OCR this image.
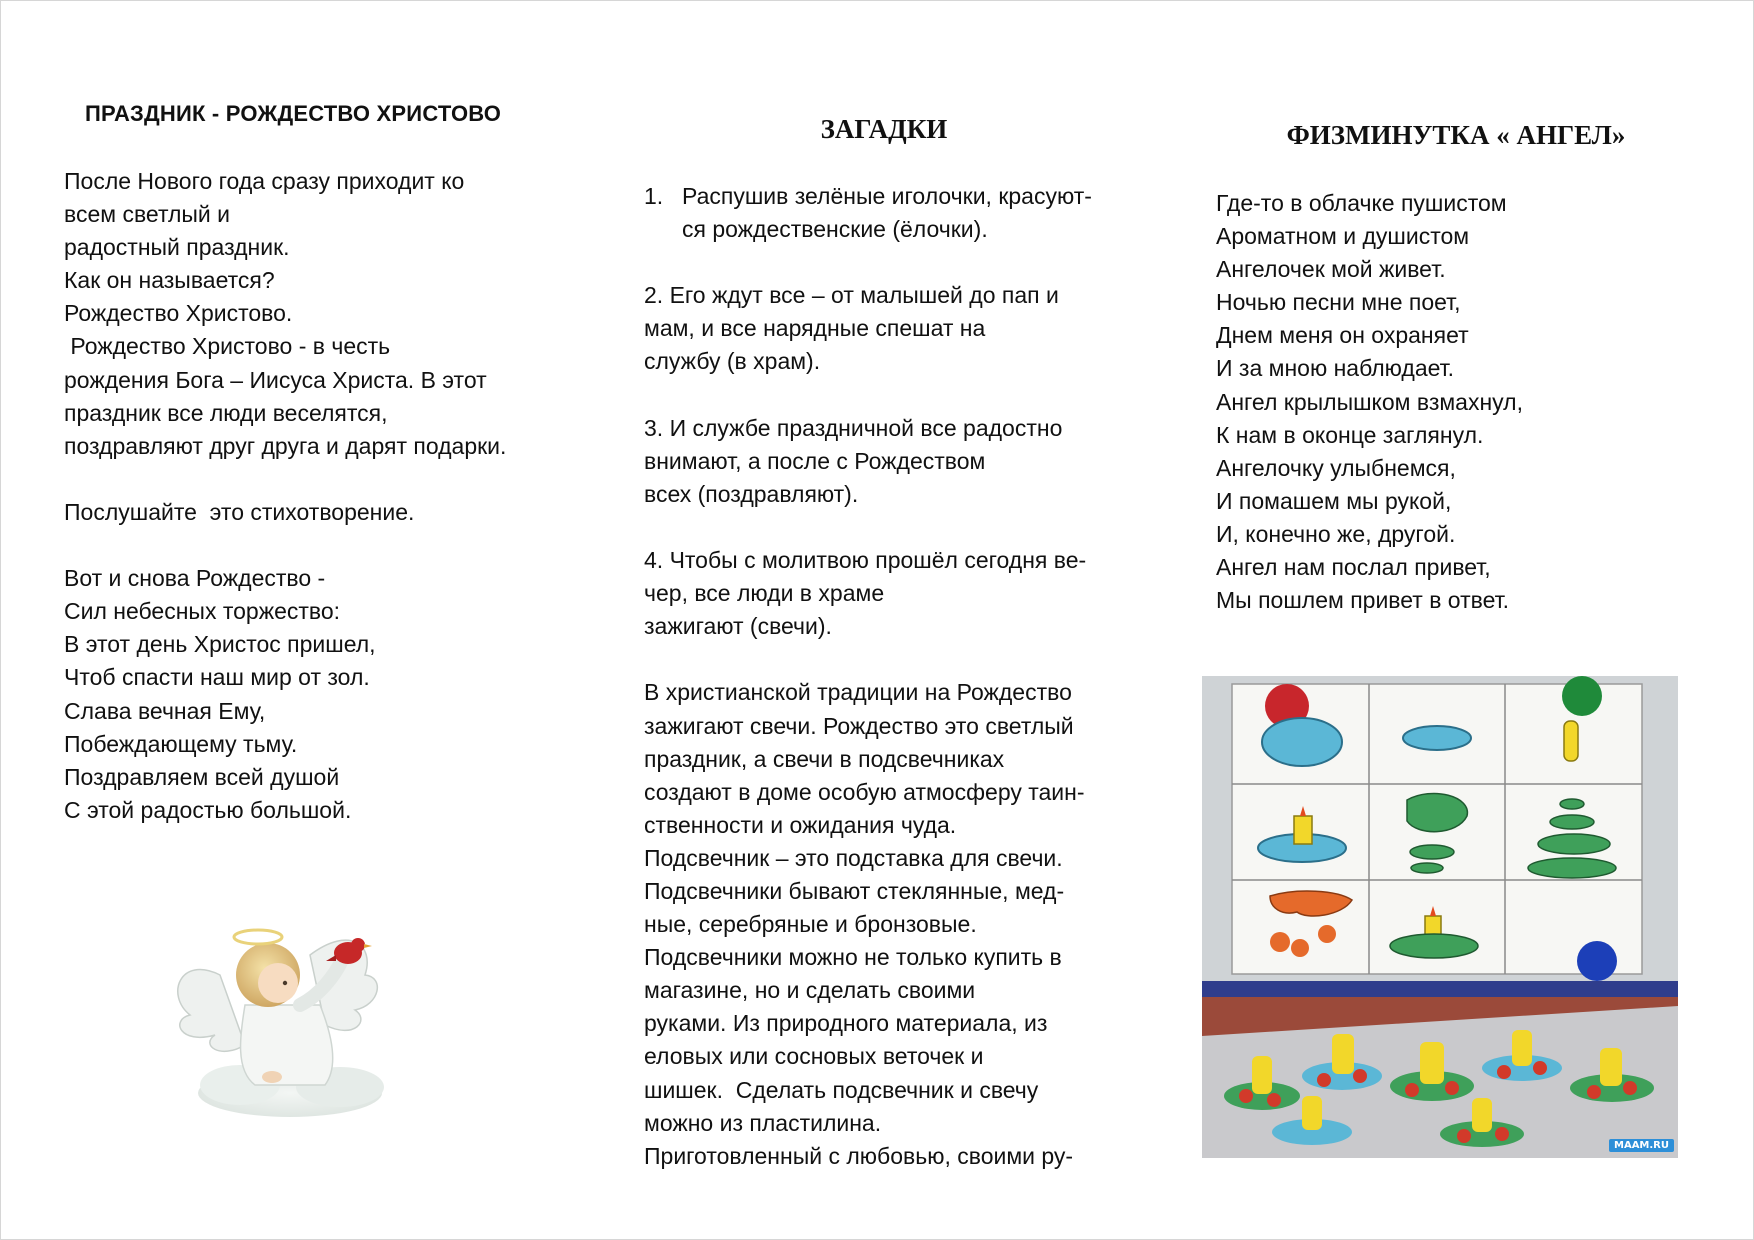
ПРАЗДНИК - РОЖДЕСТВО ХРИСТОВО
После Нового года сразу приходит ко
всем светлый и
радостный праздник.
Как он называется?
Рождество Христово.
Рождество Христово - в честь
рождения Бога – Иисуса Христа. В этот
праздник все люди веселятся,
поздравляют друг друга и дарят подарки.
Послушайте  это стихотворение.
Вот и снова Рождество -
Сил небесных торжество:
В этот день Христос пришел,
Чтоб спасти наш мир от зол.
Слава вечная Ему,
Побеждающему тьму.
Поздравляем всей душой
С этой радостью большой.
ЗАГАДКИ
1. Распушив зелёные иголочки, красуют-
ся рождественские (ёлочки).
2. Его ждут все – от малышей до пап и
мам, и все нарядные спешат на
службу (в храм).
3. И службе праздничной все радостно
внимают, а после с Рождеством
всех (поздравляют).
4. Чтобы с молитвою прошёл сегодня ве-
чер, все люди в храме
зажигают (свечи).
В христианской традиции на Рождество
зажигают свечи. Рождество это светлый
праздник, а свечи в подсвечниках
создают в доме особую атмосферу таин-
ственности и ожидания чуда.
Подсвечник – это подставка для свечи.
Подсвечники бывают стеклянные, мед-
ные, серебряные и бронзовые.
Подсвечники можно не только купить в
магазине, но и сделать своими
руками. Из природного материала, из
еловых или сосновых веточек и
шишек.  Сделать подсвечник и свечу
можно из пластилина.
Приготовленный с любовью, своими ру-
ФИЗМИНУТКА « АНГЕЛ»
Где-то в облачке пушистом
Ароматном и душистом
Ангелочек мой живет.
Ночью песни мне поет,
Днем меня он охраняет
И за мною наблюдает.
Ангел крылышком взмахнул,
К нам в оконце заглянул.
Ангелочку улыбнемся,
И помашем мы рукой,
И, конечно же, другой.
Ангел нам послал привет,
Мы пошлем привет в ответ.
MAAM.RU
